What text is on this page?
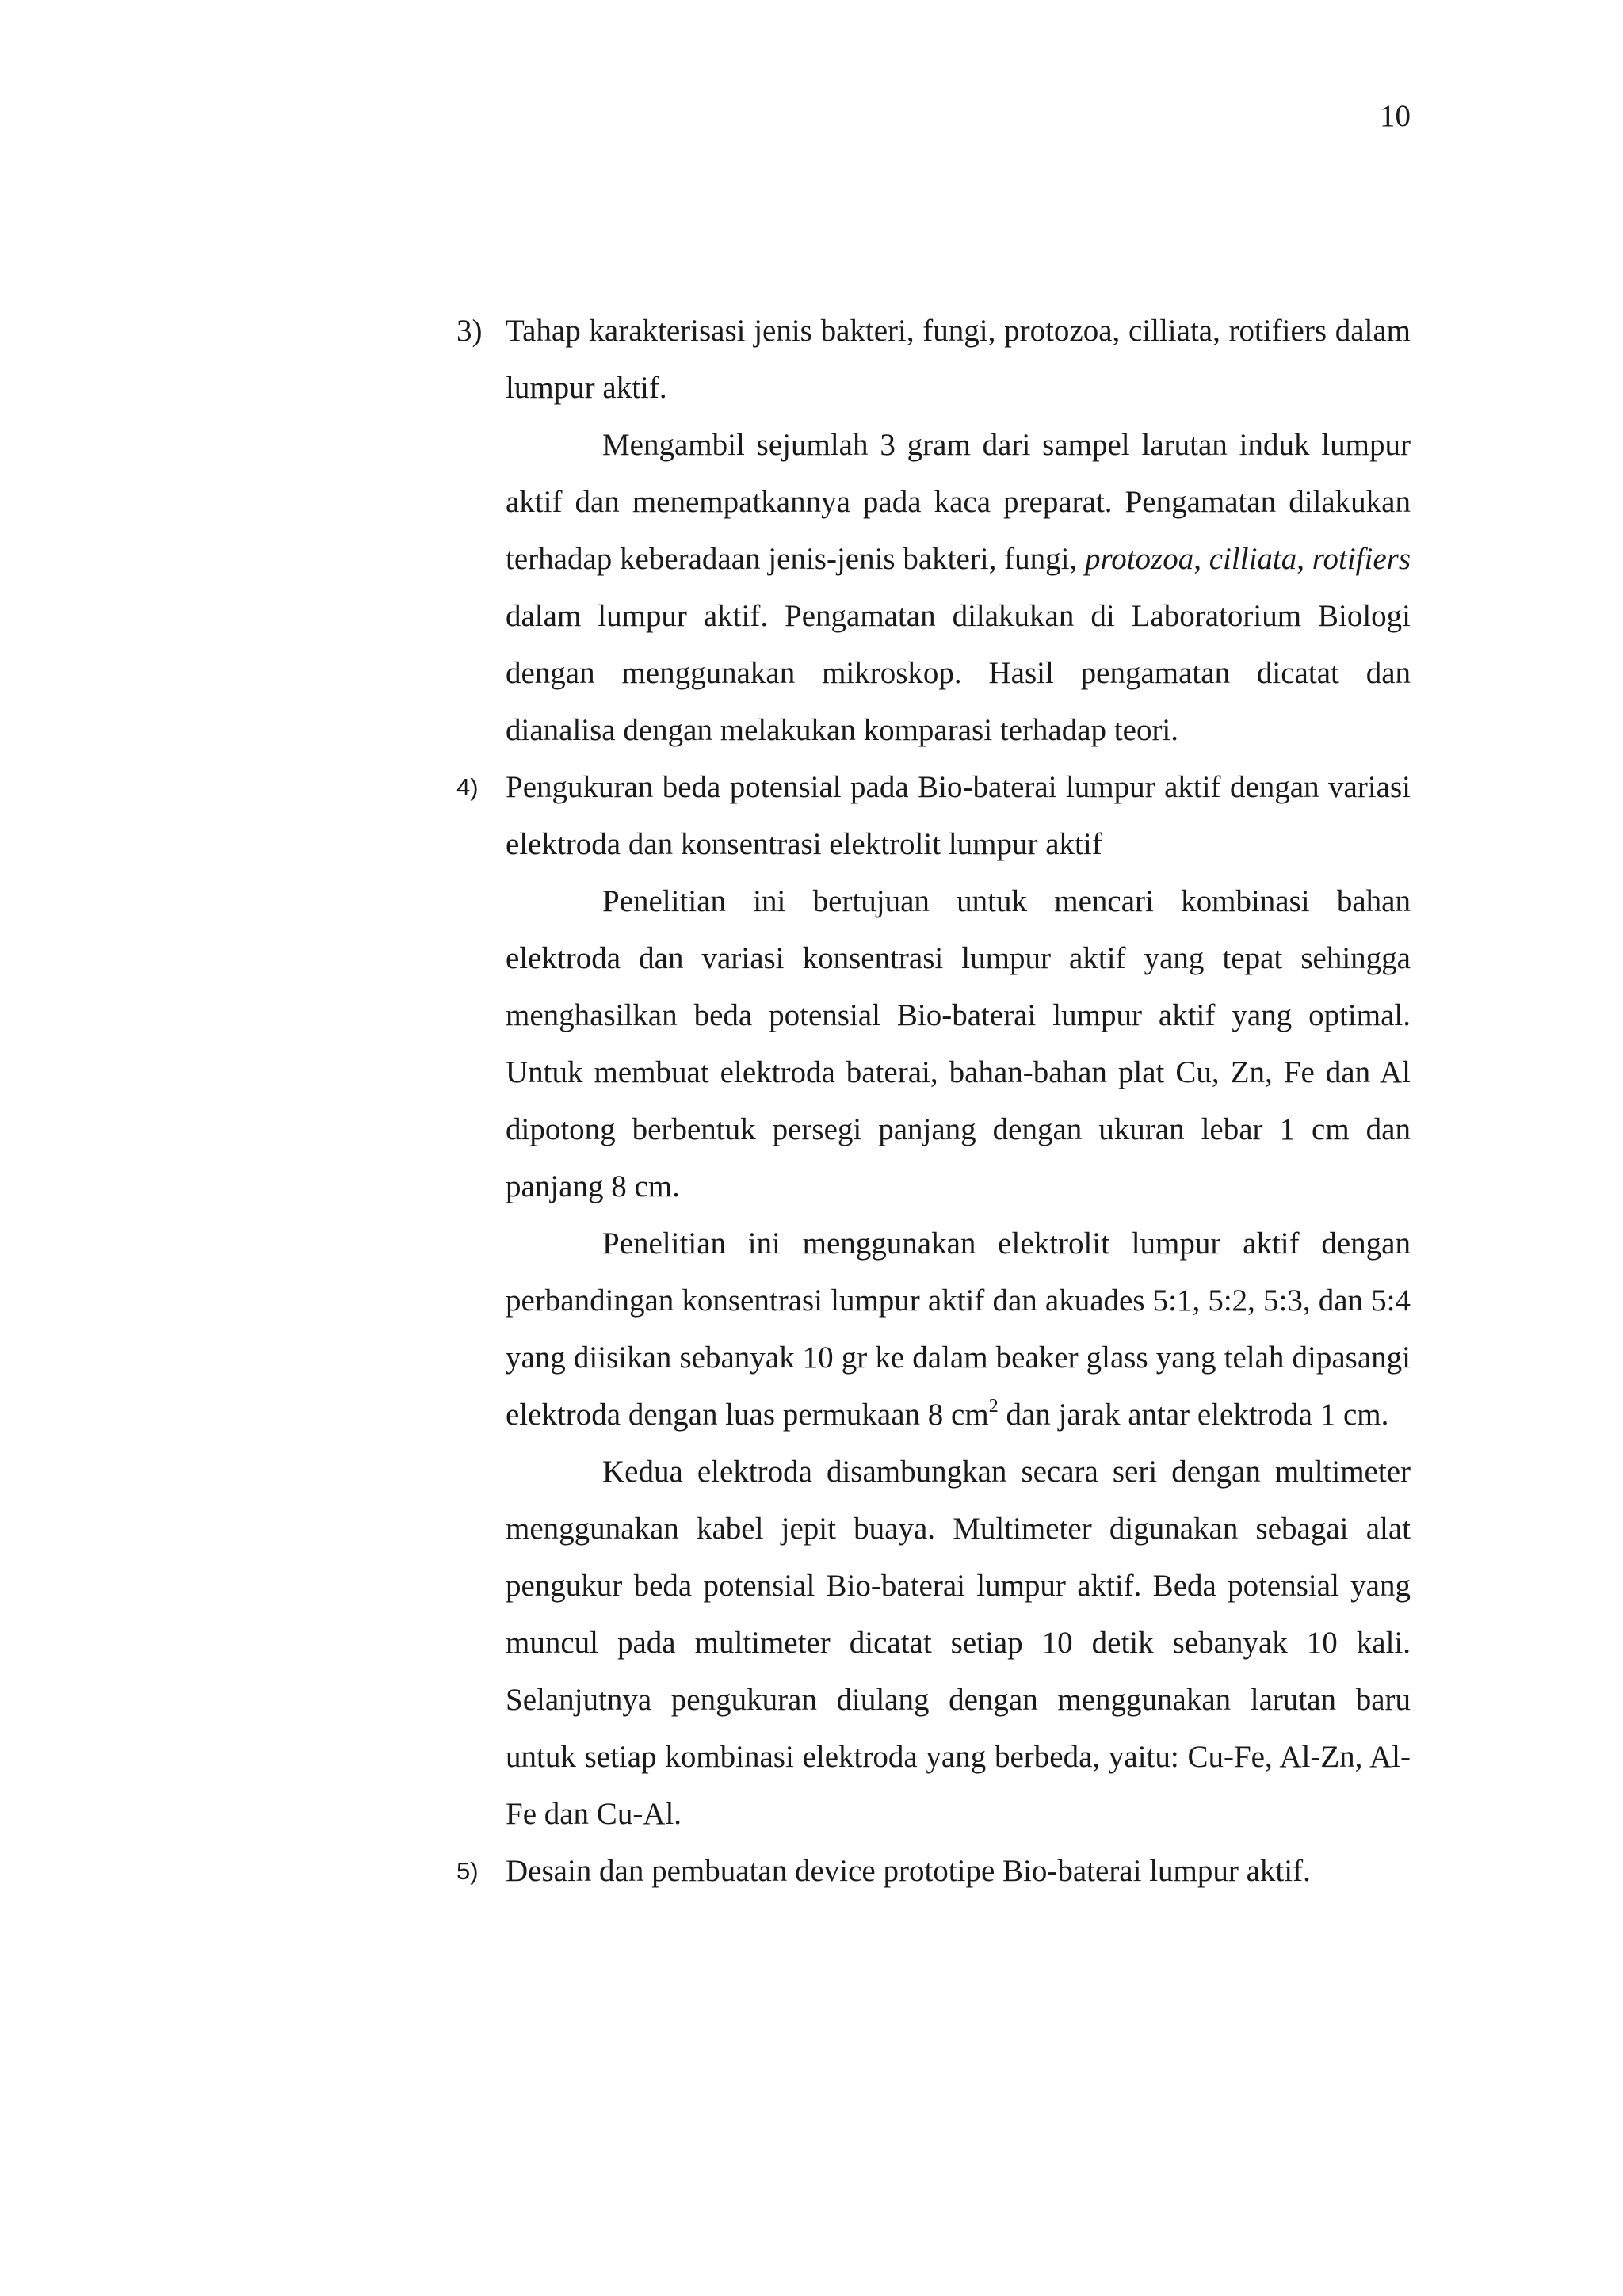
10
3) Tahap karakterisasi jenis bakteri, fungi, protozoa, cilliata, rotifiers dalam lumpur aktif.

Mengambil sejumlah 3 gram dari sampel larutan induk lumpur aktif dan menempatkannya pada kaca preparat. Pengamatan dilakukan terhadap keberadaan jenis-jenis bakteri, fungi, protozoa, cilliata, rotifiers dalam lumpur aktif. Pengamatan dilakukan di Laboratorium Biologi dengan menggunakan mikroskop. Hasil pengamatan dicatat dan dianalisa dengan melakukan komparasi terhadap teori.

4) Pengukuran beda potensial pada Bio-baterai lumpur aktif dengan variasi elektroda dan konsentrasi elektrolit lumpur aktif

Penelitian ini bertujuan untuk mencari kombinasi bahan elektroda dan variasi konsentrasi lumpur aktif yang tepat sehingga menghasilkan beda potensial Bio-baterai lumpur aktif yang optimal. Untuk membuat elektroda baterai, bahan-bahan plat Cu, Zn, Fe dan Al dipotong berbentuk persegi panjang dengan ukuran lebar 1 cm dan panjang 8 cm.

Penelitian ini menggunakan elektrolit lumpur aktif dengan perbandingan konsentrasi lumpur aktif dan akuades 5:1, 5:2, 5:3, dan 5:4 yang diisikan sebanyak 10 gr ke dalam beaker glass yang telah dipasangi elektroda dengan luas permukaan 8 $cm^2$ dan jarak antar elektroda 1 cm.

Kedua elektroda disambungkan secara seri dengan multimeter menggunakan kabel jepit buaya. Multimeter digunakan sebagai alat pengukur beda potensial Bio-baterai lumpur aktif. Beda potensial yang muncul pada multimeter dicatat setiap 10 detik sebanyak 10 kali. Selanjutnya pengukuran diulang dengan menggunakan larutan baru untuk setiap kombinasi elektroda yang berbeda, yaitu: Cu-Fe, Al-Zn, Al-Fe dan Cu-Al.

5) Desain dan pembuatan device prototipe Bio-baterai lumpur aktif.
